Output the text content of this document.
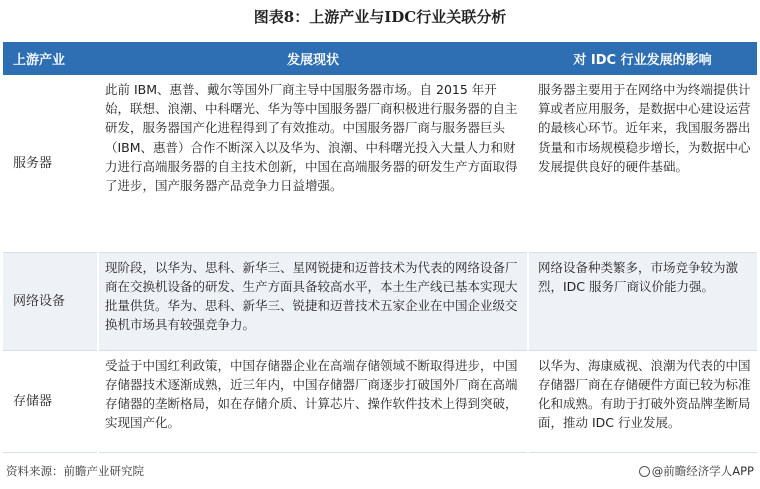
图表8：上游产业与IDC行业关联分析
上游产业	发展现状	对 IDC 行业发展的影响
服务器	此前 IBM、惠普、戴尔等国外厂商主导中国服务器市场。自 2015 年开始，联想、浪潮、中科曙光、华为等中国服务器厂商积极进行服务器的自主研发，服务器国产化进程得到了有效推动。中国服务器厂商与服务器巨头（IBM、惠普）合作不断深入以及华为、浪潮、中科曙光投入大量人力和财力进行高端服务器的自主技术创新，中国在高端服务器的研发生产方面取得了进步，国产服务器产品竞争力日益增强。	服务器主要用于在网络中为终端提供计算或者应用服务，是数据中心建设运营的最核心环节。近年来，我国服务器出货量和市场规模稳步增长，为数据中心发展提供良好的硬件基础。
网络设备	现阶段，以华为、思科、新华三、星网锐捷和迈普技术为代表的网络设备厂商在交换机设备的研发、生产方面具备较高水平，本土生产线已基本实现大批量供货。华为、思科、新华三、锐捷和迈普技术五家企业在中国企业级交换机市场具有较强竞争力。	网络设备种类繁多，市场竞争较为激烈，IDC 服务厂商议价能力强。
存储器	受益于中国红利政策，中国存储器企业在高端存储领域不断取得进步，中国存储器技术逐渐成熟，近三年内，中国存储器厂商逐步打破国外厂商在高端存储器的垄断格局，如在存储介质、计算芯片、操作软件技术上得到突破，实现国产化。	以华为、海康威视、浪潮为代表的中国存储器厂商在存储硬件方面已较为标准化和成熟。有助于打破外资品牌垄断局面，推动 IDC 行业发展。
资料来源：前瞻产业研究院	@前瞻经济学人APP
